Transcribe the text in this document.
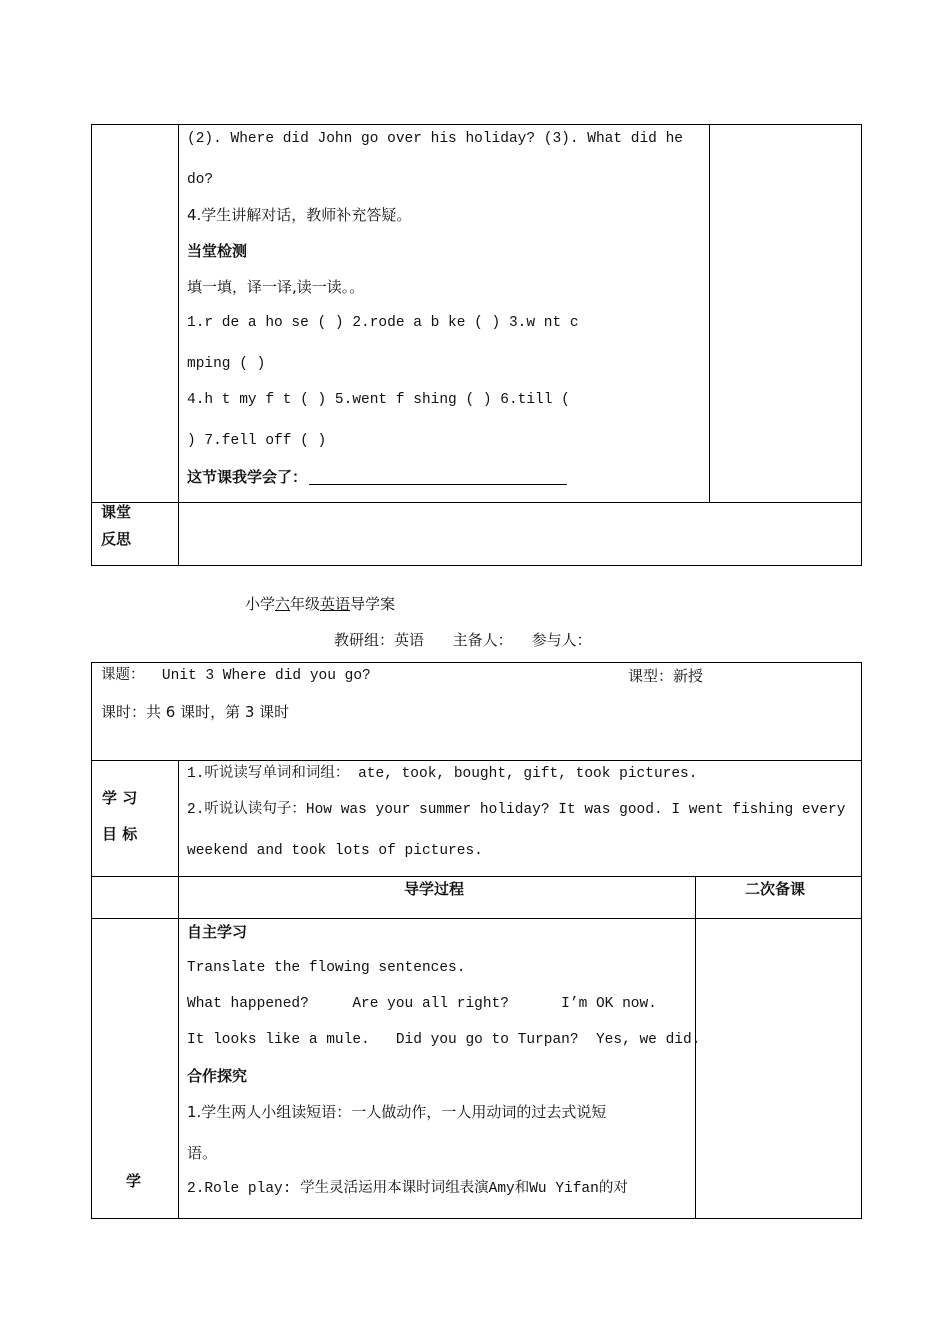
(2). Where did John go over his holiday? (3). What did he
do?
4.学生讲解对话，教师补充答疑。
当堂检测
填一填，译一译,读一读。。
1.r de a ho se ( ) 2.rode a b ke ( ) 3.w nt c
mping ( )
4.h t my f t ( ) 5.went f shing ( ) 6.till (
) 7.fell off ( )
这节课我学会了：
课堂
反思
小学六年级英语导学案
教研组：英语      主备人：    参与人：
课题：  Unit 3 Where did you go?	课型：新授
课时：共 6 课时，第 3 课时
学 习
目 标
1.听说读写单词和词组： ate, took, bought, gift, took pictures.
2.听说认读句子：How was your summer holiday? It was good. I went fishing every
weekend and took lots of pictures.
导学过程	二次备课
自主学习
Translate the flowing sentences.
What happened?     Are you all right?      I’m OK now.
It looks like a mule.   Did you go to Turpan?  Yes, we did.
合作探究
1.学生两人小组读短语：一人做动作，一人用动词的过去式说短
语。
2.Role play: 学生灵活运用本课时词组表演Amy和Wu Yifan的对
学
